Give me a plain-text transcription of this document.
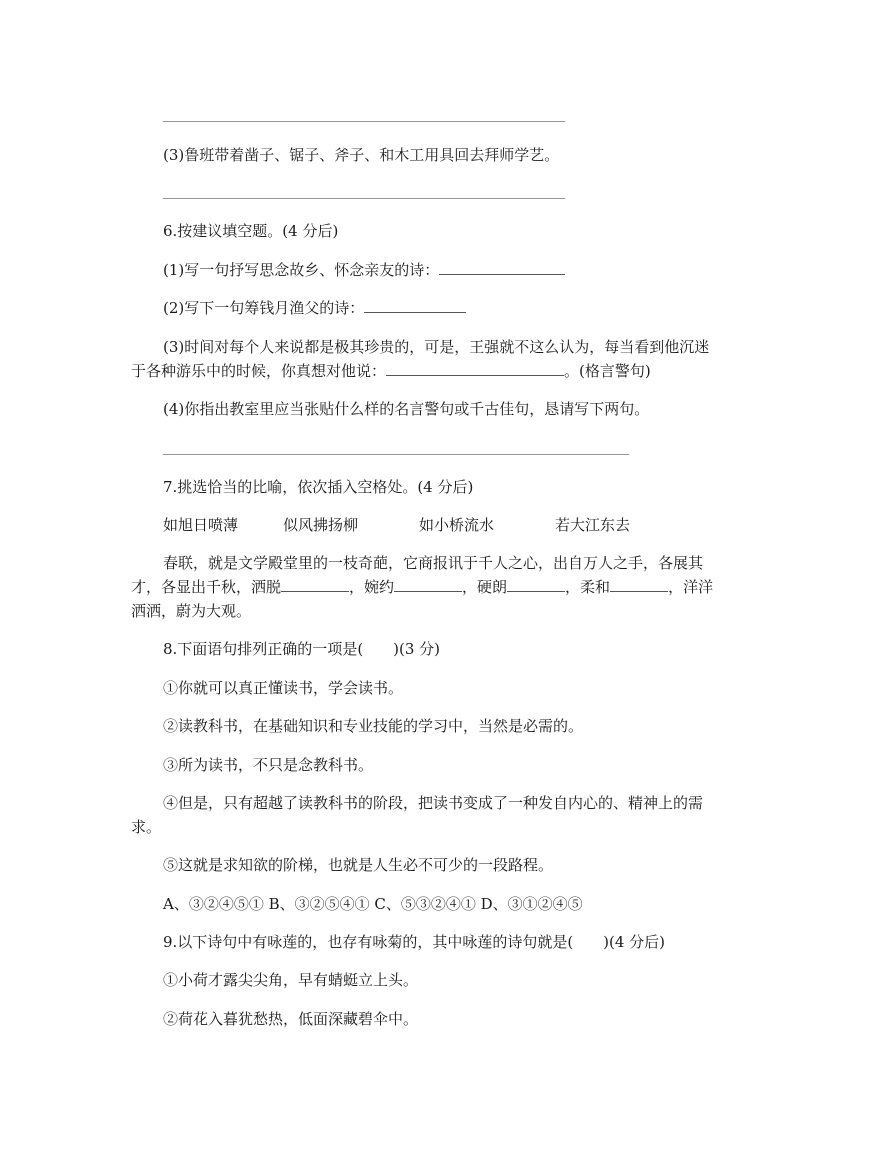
(3)鲁班带着凿子、锯子、斧子、和木工用具回去拜师学艺。
6.按建议填空题。(4 分后)
(1)写一句抒写思念故乡、怀念亲友的诗：
(2)写下一句筹钱月渔父的诗：
(3)时间对每个人来说都是极其珍贵的，可是，王强就不这么认为，每当看到他沉迷
于各种游乐中的时候，你真想对他说：	。(格言警句)
(4)你指出教室里应当张贴什么样的名言警句或千古佳句，恳请写下两句。
7.挑选恰当的比喻，依次插入空格处。(4 分后)
如旭日喷薄	似风拂扬柳	如小桥流水	若大江东去
春联，就是文学殿堂里的一枝奇葩，它商报讯于千人之心，出自万人之手，各展其
才，各显出千秋，洒脱	，婉约	，硬朗	，柔和	，洋洋
洒洒，蔚为大观。
8.下面语句排列正确的一项是(　　)(3 分)
①你就可以真正懂读书，学会读书。
②读教科书，在基础知识和专业技能的学习中，当然是必需的。
③所为读书，不只是念教科书。
④但是，只有超越了读教科书的阶段，把读书变成了一种发自内心的、精神上的需
求。
⑤这就是求知欲的阶梯，也就是人生必不可少的一段路程。
A、③②④⑤① B、③②⑤④① C、⑤③②④① D、③①②④⑤
9.以下诗句中有咏莲的，也存有咏菊的，其中咏莲的诗句就是(　　)(4 分后)
①小荷才露尖尖角，早有蜻蜓立上头。
②荷花入暮犹愁热，低面深藏碧伞中。
